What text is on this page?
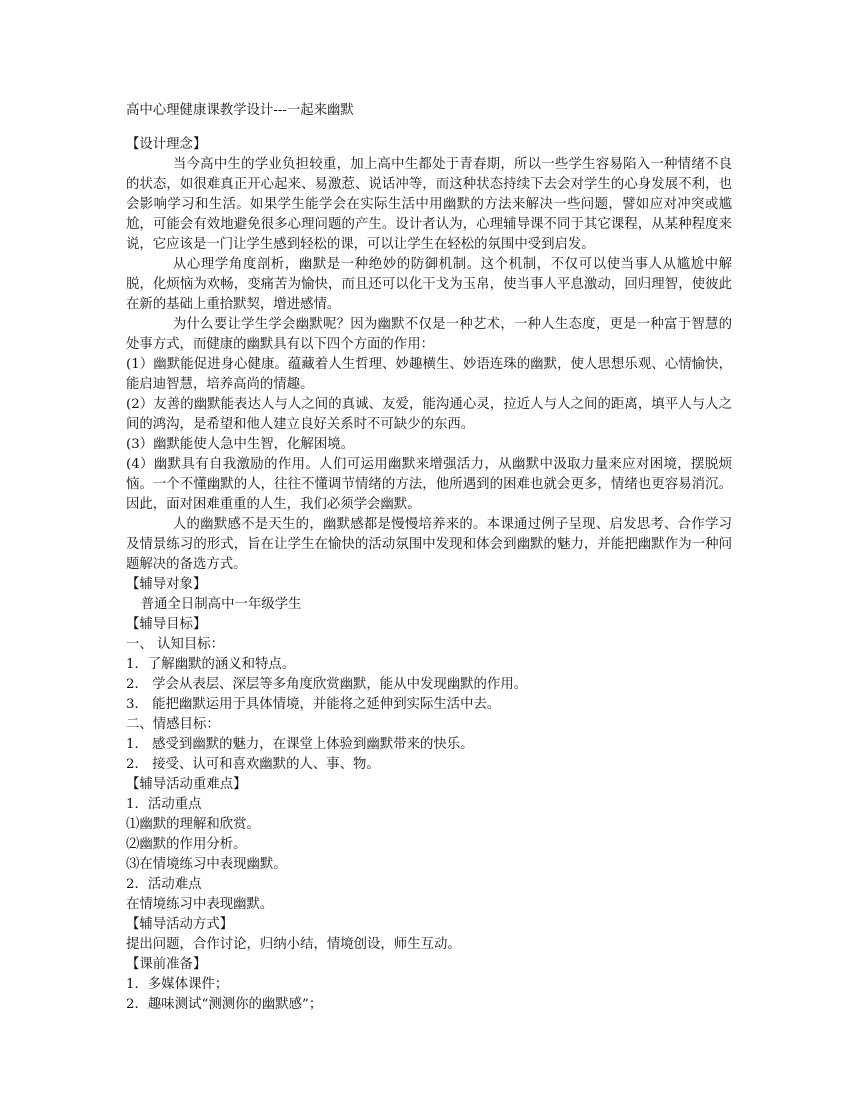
高中心理健康课教学设计---一起来幽默

【设计理念】

当今高中生的学业负担较重，加上高中生都处于青春期，所以一些学生容易陷入一种情绪不良的状态，如很难真正开心起来、易激惹、说话冲等，而这种状态持续下去会对学生的心身发展不利，也会影响学习和生活。如果学生能学会在实际生活中用幽默的方法来解决一些问题，譬如应对冲突或尴尬，可能会有效地避免很多心理问题的产生。设计者认为，心理辅导课不同于其它课程，从某种程度来说，它应该是一门让学生感到轻松的课，可以让学生在轻松的氛围中受到启发。

从心理学角度剖析，幽默是一种绝妙的防御机制。这个机制，不仅可以使当事人从尴尬中解脱，化烦恼为欢畅，变痛苦为愉快，而且还可以化干戈为玉帛，使当事人平息激动，回归理智，使彼此在新的基础上重拾默契，增进感情。

为什么要让学生学会幽默呢？因为幽默不仅是一种艺术，一种人生态度，更是一种富于智慧的处事方式，而健康的幽默具有以下四个方面的作用：

(1）幽默能促进身心健康。蕴藏着人生哲理、妙趣横生、妙语连珠的幽默，使人思想乐观、心情愉快，能启迪智慧，培养高尚的情趣。

(2）友善的幽默能表达人与人之间的真诚、友爱，能沟通心灵，拉近人与人之间的距离，填平人与人之间的鸿沟，是希望和他人建立良好关系时不可缺少的东西。

(3）幽默能使人急中生智，化解困境。

(4）幽默具有自我激励的作用。人们可运用幽默来增强活力，从幽默中汲取力量来应对困境，摆脱烦恼。一个不懂幽默的人，往往不懂调节情绪的方法，他所遇到的困难也就会更多，情绪也更容易消沉。因此，面对困难重重的人生，我们必须学会幽默。

人的幽默感不是天生的，幽默感都是慢慢培养来的。本课通过例子呈现、启发思考、合作学习及情景练习的形式，旨在让学生在愉快的活动氛围中发现和体会到幽默的魅力，并能把幽默作为一种问题解决的备选方式。

【辅导对象】

普通全日制高中一年级学生

【辅导目标】

一、 认知目标：

1．了解幽默的涵义和特点。

2． 学会从表层、深层等多角度欣赏幽默，能从中发现幽默的作用。

3． 能把幽默运用于具体情境，并能将之延伸到实际生活中去。

二、情感目标：

1． 感受到幽默的魅力，在课堂上体验到幽默带来的快乐。

2． 接受、认可和喜欢幽默的人、事、物。

【辅导活动重难点】

1．活动重点

⑴幽默的理解和欣赏。

⑵幽默的作用分析。

⑶在情境练习中表现幽默。

2．活动难点

在情境练习中表现幽默。

【辅导活动方式】

提出问题，合作讨论，归纳小结，情境创设，师生互动。

【课前准备】

1．多媒体课件；

2．趣味测试“测测你的幽默感”；
